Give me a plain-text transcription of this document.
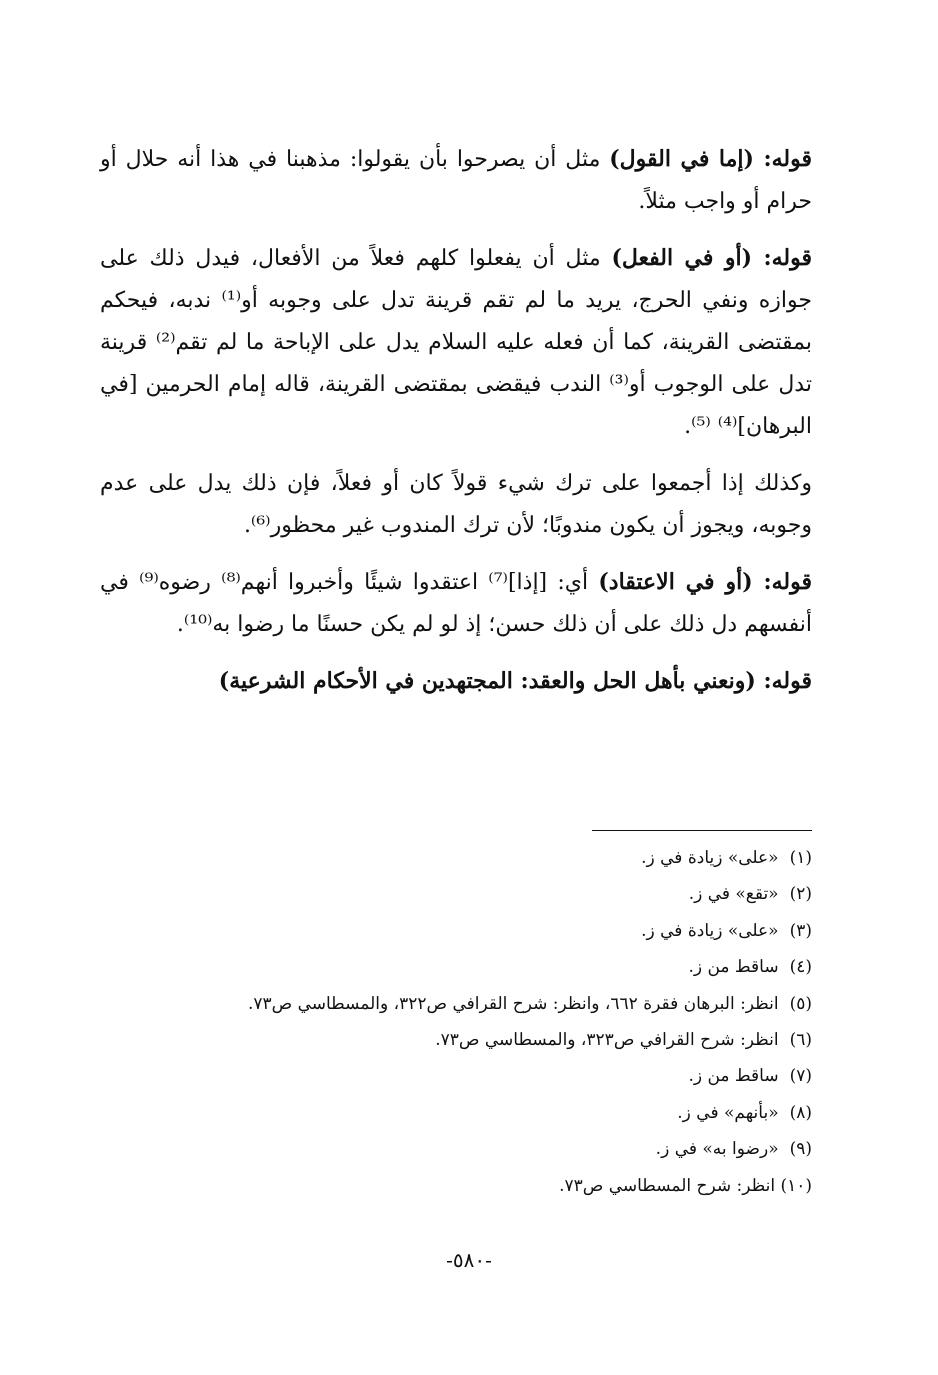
قوله: (إما في القول) مثل أن يصرحوا بأن يقولوا: مذهبنا في هذا أنه حلال أو حرام أو واجب مثلاً.

قوله: (أو في الفعل) مثل أن يفعلوا كلهم فعلاً من الأفعال، فيدل ذلك على جوازه ونفي الحرج، يريد ما لم تقم قرينة تدل على وجوبه أو⁽¹⁾ ندبه، فيحكم بمقتضى القرينة، كما أن فعله عليه السلام يدل على الإباحة ما لم تقم⁽²⁾ قرينة تدل على الوجوب أو⁽³⁾ الندب فيقضى بمقتضى القرينة، قاله إمام الحرمين [في البرهان]⁽⁴⁾ ⁽⁵⁾.

وكذلك إذا أجمعوا على ترك شيء قولاً كان أو فعلاً، فإن ذلك يدل على عدم وجوبه، ويجوز أن يكون مندوبًا؛ لأن ترك المندوب غير محظور⁽⁶⁾.

قوله: (أو في الاعتقاد) أي: [إذا]⁽⁷⁾ اعتقدوا شيئًا وأخبروا أنهم⁽⁸⁾ رضوه⁽⁹⁾ في أنفسهم دل ذلك على أن ذلك حسن؛ إذ لو لم يكن حسنًا ما رضوا به⁽¹⁰⁾.

قوله: (ونعني بأهل الحل والعقد: المجتهدين في الأحكام الشرعية)

(١) «على» زيادة في ز.
(٢) «تقع» في ز.
(٣) «على» زيادة في ز.
(٤) ساقط من ز.
(٥) انظر: البرهان فقرة ٦٦٢، وانظر: شرح القرافي ص٣٢٢، والمسطاسي ص٧٣.
(٦) انظر: شرح القرافي ص٣٢٣، والمسطاسي ص٧٣.
(٧) ساقط من ز.
(٨) «بأنهم» في ز.
(٩) «رضوا به» في ز.
(١٠) انظر: شرح المسطاسي ص٧٣.
-٥٨٠-
